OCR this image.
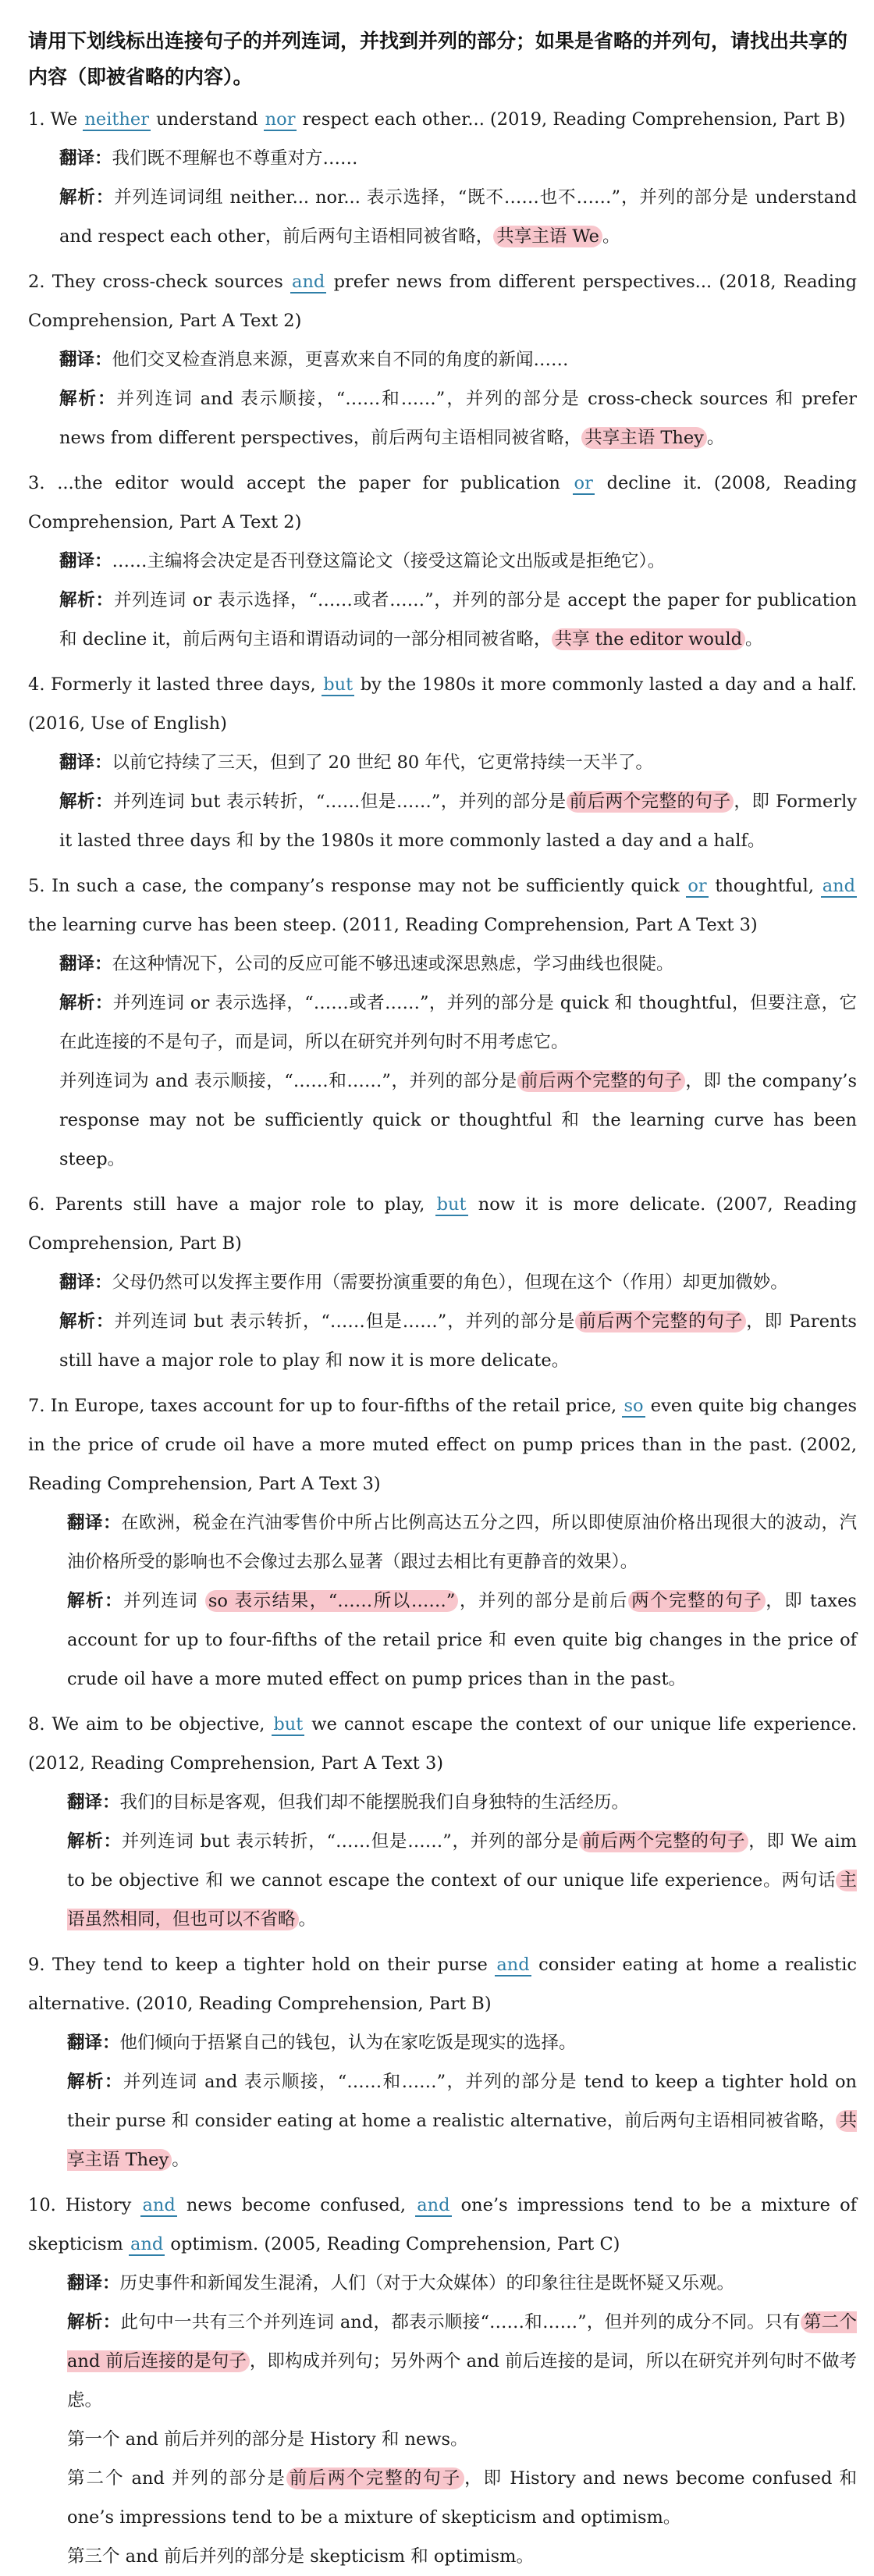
请用下划线标出连接句子的并列连词，并找到并列的部分；如果是省略的并列句，请找出共享的内容（即被省略的内容）。
1. We neither understand nor respect each other... (2019, Reading Comprehension, Part B)
翻译：我们既不理解也不尊重对方……
解析：并列连词词组 neither... nor... 表示选择，“既不……也不……”，并列的部分是 understand and respect each other，前后两句主语相同被省略， 共享主语 We 。
2. They cross-check sources and prefer news from different perspectives... (2018, Reading Comprehension, Part A Text 2)
翻译：他们交叉检查消息来源，更喜欢来自不同的角度的新闻……
解析：并列连词 and 表示顺接，“……和……”，并列的部分是 cross-check sources 和 prefer news from different perspectives，前后两句主语相同被省略， 共享主语 They 。
3. ...the editor would accept the paper for publication or decline it. (2008, Reading Comprehension, Part A Text 2)
翻译：……主编将会决定是否刊登这篇论文（接受这篇论文出版或是拒绝它）。
解析：并列连词 or 表示选择，“……或者……”，并列的部分是 accept the paper for publication 和 decline it，前后两句主语和谓语动词的一部分相同被省略， 共享 the editor would 。
4. Formerly it lasted three days, but by the 1980s it more commonly lasted a day and a half. (2016, Use of English)
翻译：以前它持续了三天，但到了 20 世纪 80 年代，它更常持续一天半了。
解析：并列连词 but 表示转折，“……但是……”，并列的部分是 前后两个完整的句子 ，即 Formerly it lasted three days 和 by the 1980s it more commonly lasted a day and a half。
5. In such a case, the company’s response may not be sufficiently quick or thoughtful, and the learning curve has been steep. (2011, Reading Comprehension, Part A Text 3)
翻译：在这种情况下，公司的反应可能不够迅速或深思熟虑，学习曲线也很陡。
解析：并列连词 or 表示选择，“……或者……”，并列的部分是 quick 和 thoughtful，但要注意，它在此连接的不是句子，而是词，所以在研究并列句时不用考虑它。
并列连词为 and 表示顺接，“……和……”，并列的部分是 前后两个完整的句子 ，即 the company’s response may not be sufficiently quick or thoughtful 和 the learning curve has been steep。
6. Parents still have a major role to play, but now it is more delicate. (2007, Reading Comprehension, Part B)
翻译：父母仍然可以发挥主要作用（需要扮演重要的角色），但现在这个（作用）却更加微妙。
解析：并列连词 but 表示转折，“……但是……”，并列的部分是 前后两个完整的句子 ，即 Parents still have a major role to play 和 now it is more delicate。
7. In Europe, taxes account for up to four-fifths of the retail price, so even quite big changes in the price of crude oil have a more muted effect on pump prices than in the past. (2002, Reading Comprehension, Part A Text 3)
翻译：在欧洲，税金在汽油零售价中所占比例高达五分之四，所以即使原油价格出现很大的波动，汽油价格所受的影响也不会像过去那么显著（跟过去相比有更静音的效果）。
解析：并列连词 so 表示结果，“……所以……” ，并列的部分是前后 两个完整的句子 ，即 taxes account for up to four-fifths of the retail price 和 even quite big changes in the price of crude oil have a more muted effect on pump prices than in the past。
8. We aim to be objective, but we cannot escape the context of our unique life experience. (2012, Reading Comprehension, Part A Text 3)
翻译：我们的目标是客观，但我们却不能摆脱我们自身独特的生活经历。
解析：并列连词 but 表示转折，“……但是……”，并列的部分是 前后两个完整的句子 ，即 We aim to be objective 和 we cannot escape the context of our unique life experience。两句话 主语虽然相同，但也可以不省略 。
9. They tend to keep a tighter hold on their purse and consider eating at home a realistic alternative. (2010, Reading Comprehension, Part B)
翻译：他们倾向于捂紧自己的钱包，认为在家吃饭是现实的选择。
解析：并列连词 and 表示顺接，“……和……”，并列的部分是 tend to keep a tighter hold on their purse 和 consider eating at home a realistic alternative，前后两句主语相同被省略， 共享主语 They 。
10. History and news become confused, and one’s impressions tend to be a mixture of skepticism and optimism. (2005, Reading Comprehension, Part C)
翻译：历史事件和新闻发生混淆，人们（对于大众媒体）的印象往往是既怀疑又乐观。
解析：此句中一共有三个并列连词 and，都表示顺接“……和……”，但并列的成分不同。只有 第二个 and 前后连接的是句子 ，即构成并列句；另外两个 and 前后连接的是词，所以在研究并列句时不做考虑。
第一个 and 前后并列的部分是 History 和 news。
第二个 and 并列的部分是 前后两个完整的句子 ，即 History and news become confused 和 one’s impressions tend to be a mixture of skepticism and optimism。
第三个 and 前后并列的部分是 skepticism 和 optimism。
